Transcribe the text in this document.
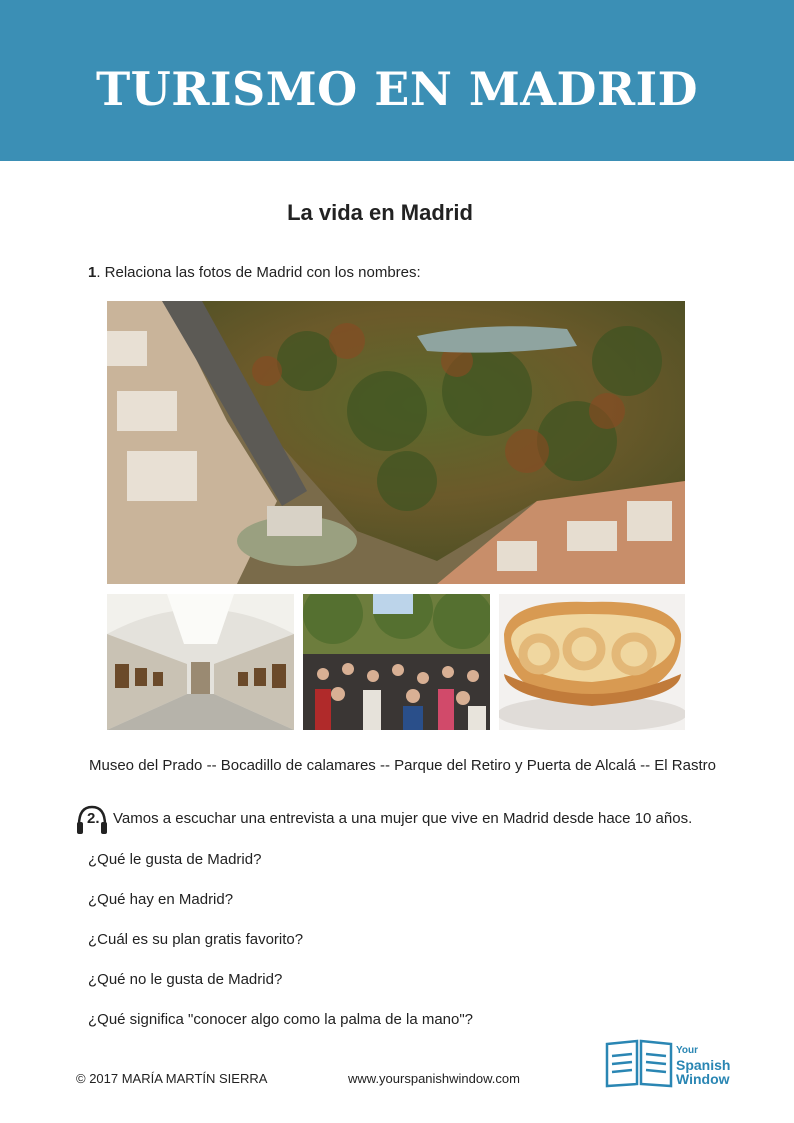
TURISMO EN MADRID
La vida en Madrid
1. Relaciona las fotos de Madrid con los nombres:
Museo del Prado -- Bocadillo de calamares -- Parque del Retiro y Puerta de Alcalá -- El Rastro
2. Vamos a escuchar una entrevista a una mujer que vive en Madrid desde hace 10 años.
¿Qué le gusta de Madrid?
¿Qué hay en Madrid?
¿Cuál es su plan gratis favorito?
¿Qué no le gusta de Madrid?
¿Qué significa "conocer algo como la palma de la mano"?
© 2017 MARÍA MARTÍN SIERRA	www.yourspanishwindow.com
Your
Spanish
Window
